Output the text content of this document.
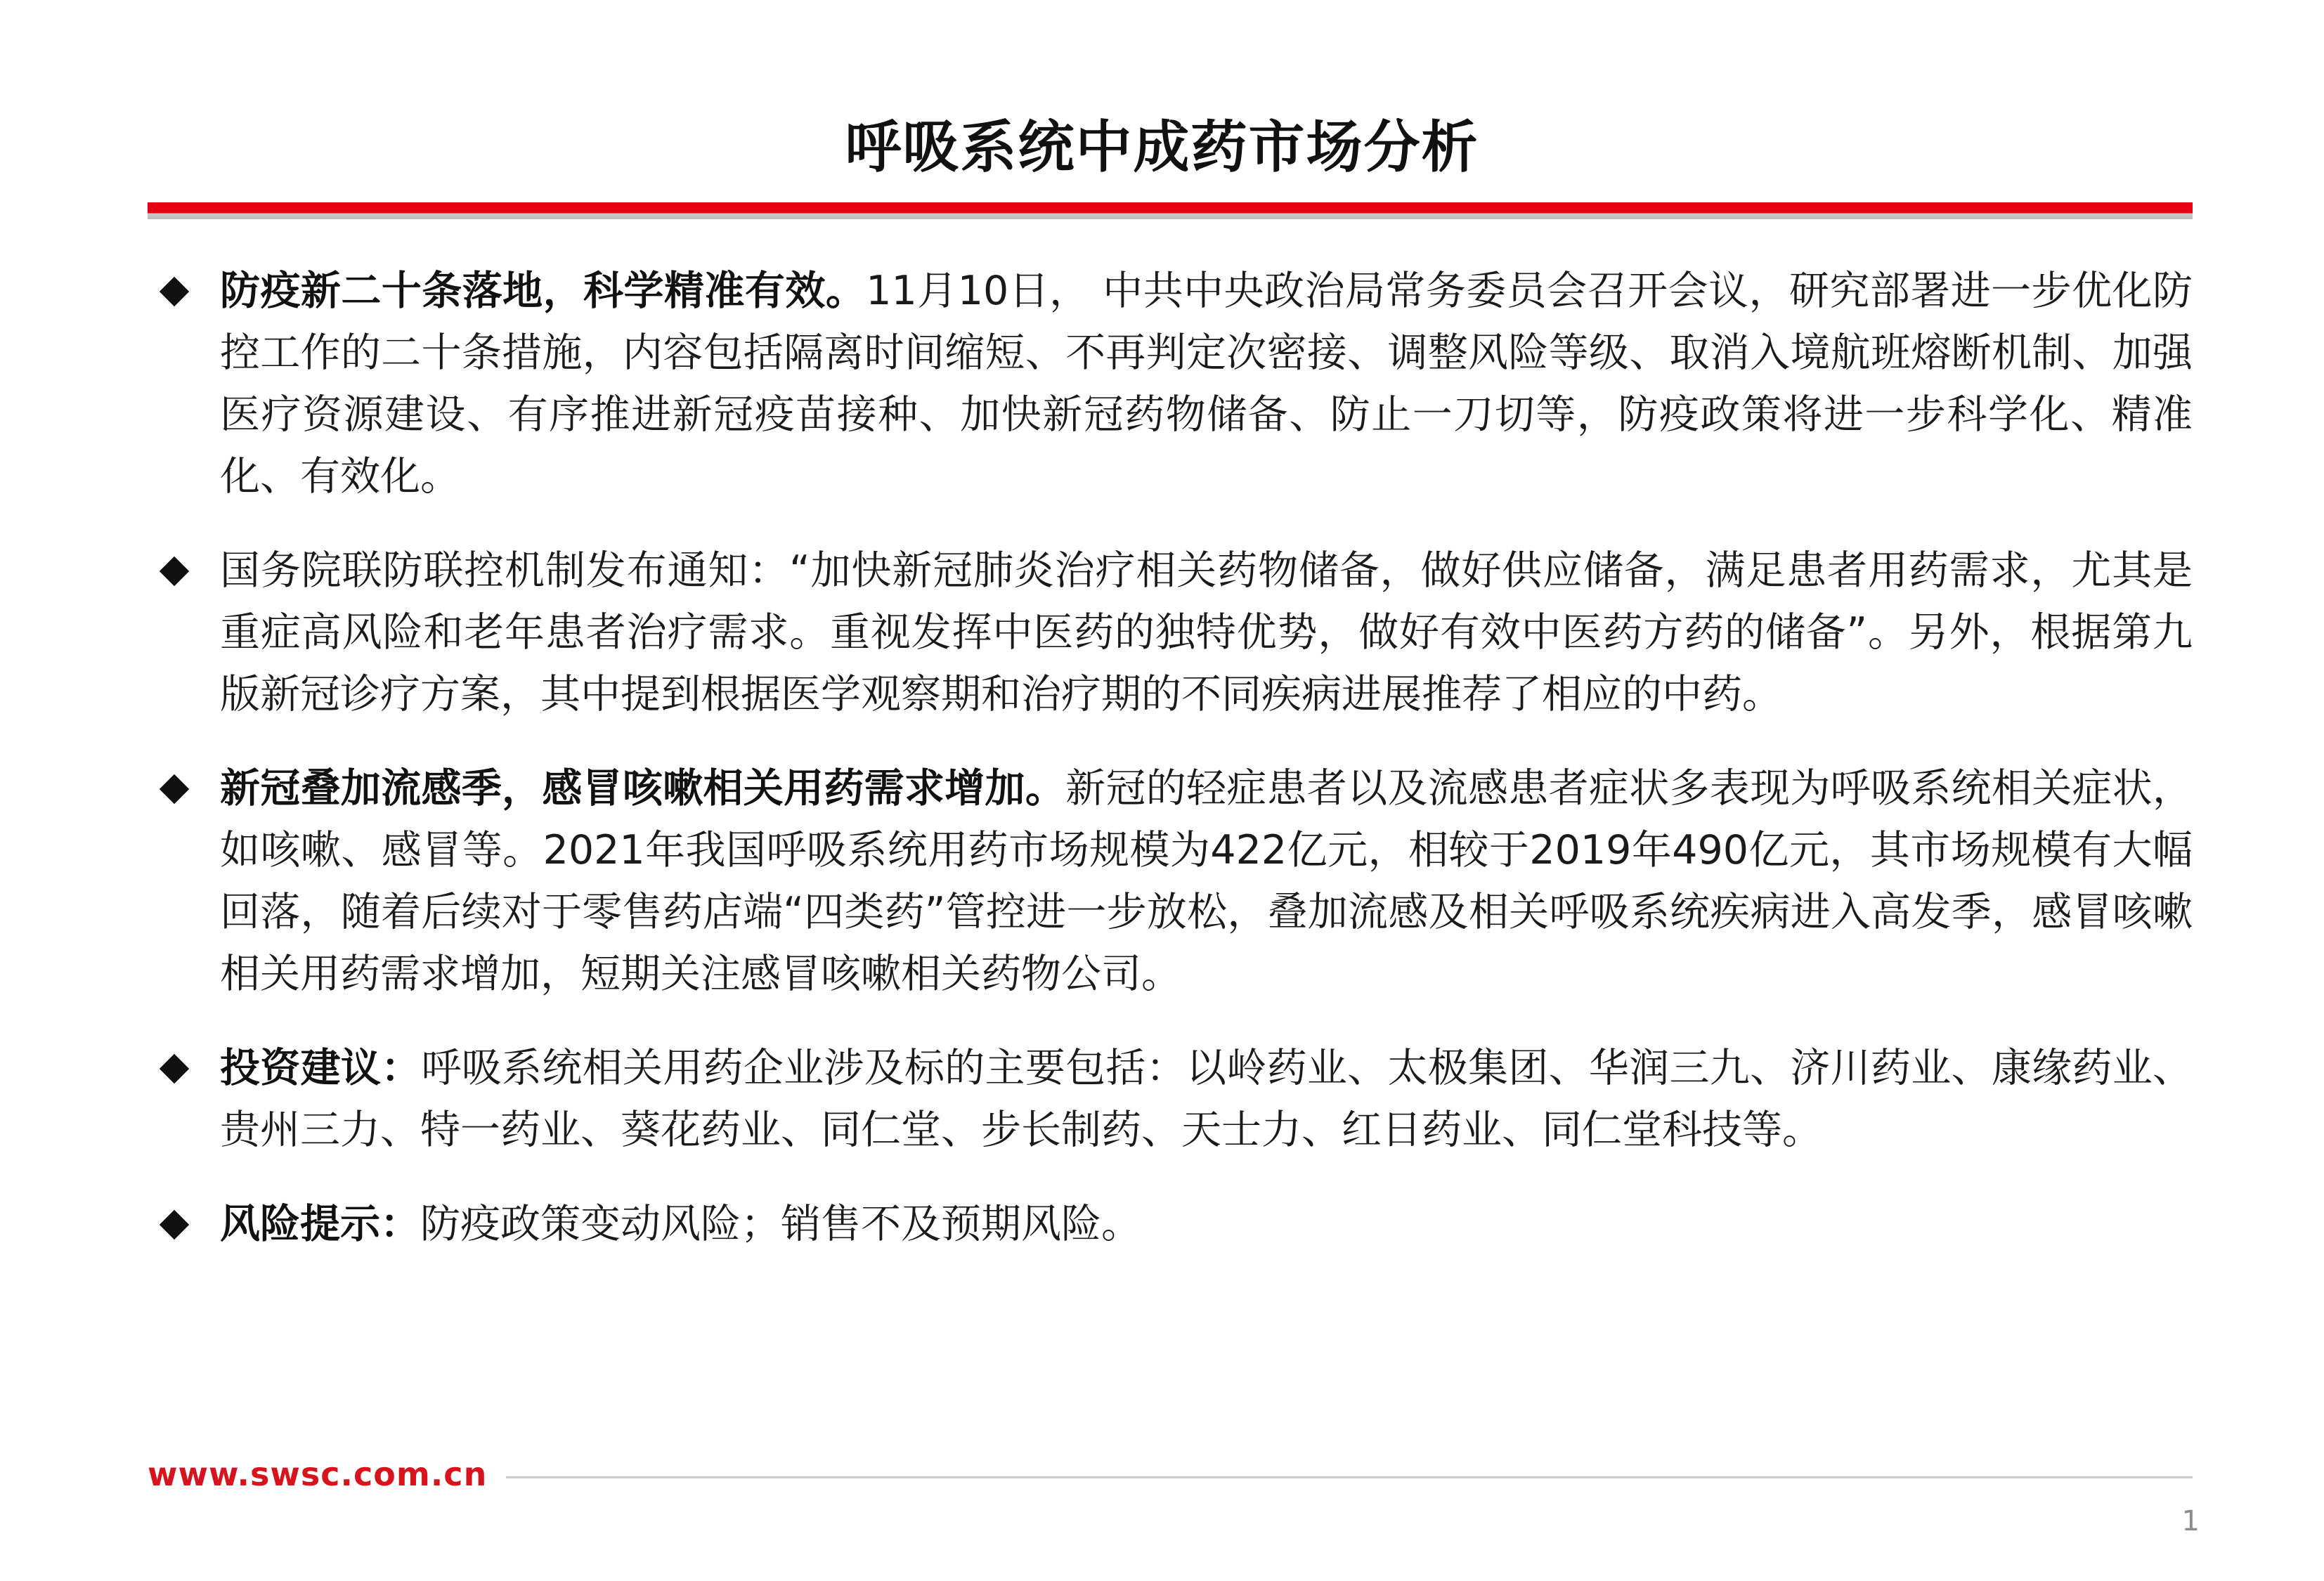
呼吸系统中成药市场分析

防疫新二十条落地，科学精准有效。11月10日， 中共中央政治局常务委员会召开会议，研究部署进一步优化防控工作的二十条措施，内容包括隔离时间缩短、不再判定次密接、调整风险等级、取消入境航班熔断机制、加强医疗资源建设、有序推进新冠疫苗接种、加快新冠药物储备、防止一刀切等，防疫政策将进一步科学化、精准化、有效化。

国务院联防联控机制发布通知：“加快新冠肺炎治疗相关药物储备，做好供应储备，满足患者用药需求，尤其是重症高风险和老年患者治疗需求。重视发挥中医药的独特优势，做好有效中医药方药的储备”。另外，根据第九版新冠诊疗方案，其中提到根据医学观察期和治疗期的不同疾病进展推荐了相应的中药。

新冠叠加流感季，感冒咳嗽相关用药需求增加。新冠的轻症患者以及流感患者症状多表现为呼吸系统相关症状，如咳嗽、感冒等。2021年我国呼吸系统用药市场规模为422亿元，相较于2019年490亿元，其市场规模有大幅回落，随着后续对于零售药店端“四类药”管控进一步放松，叠加流感及相关呼吸系统疾病进入高发季，感冒咳嗽相关用药需求增加，短期关注感冒咳嗽相关药物公司。

投资建议：呼吸系统相关用药企业涉及标的主要包括：以岭药业、太极集团、华润三九、济川药业、康缘药业、贵州三力、特一药业、葵花药业、同仁堂、步长制药、天士力、红日药业、同仁堂科技等。

风险提示：防疫政策变动风险；销售不及预期风险。

www.swsc.com.cn
1
